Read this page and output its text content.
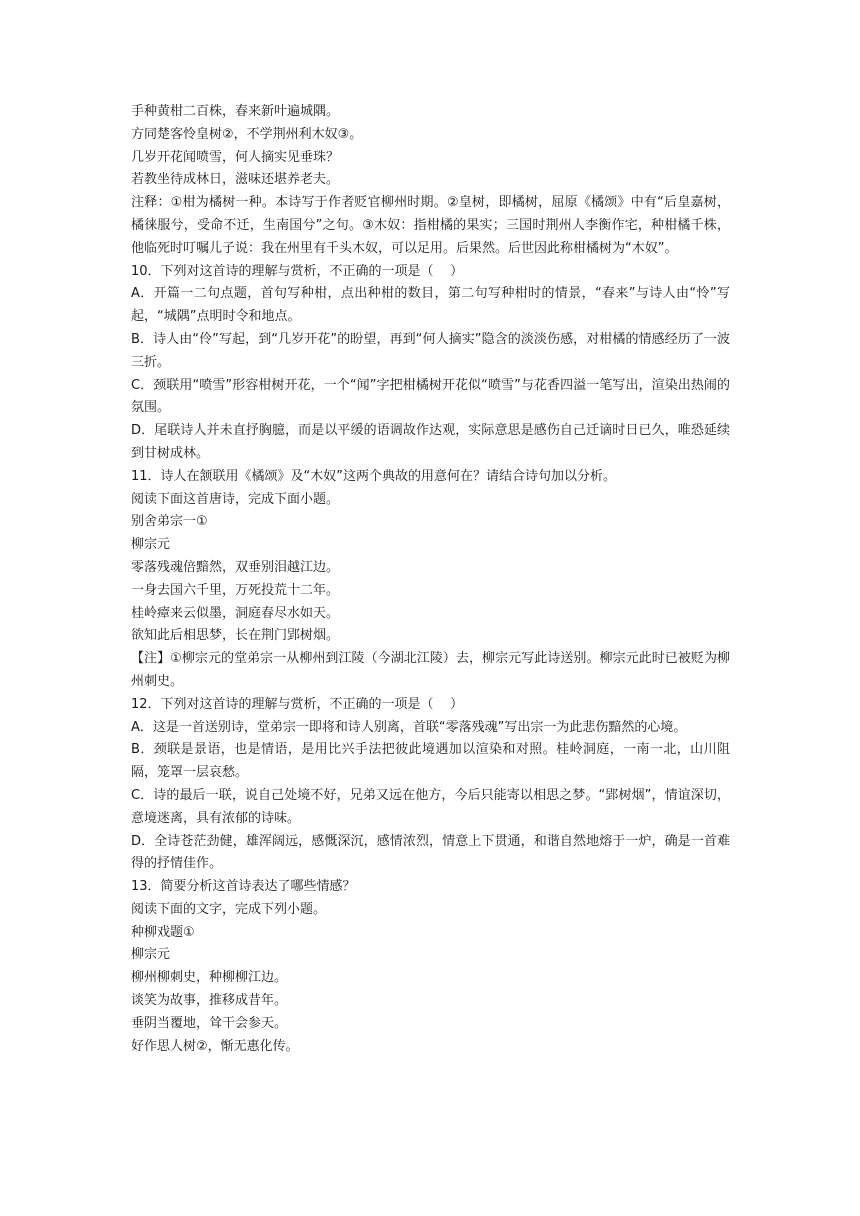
手种黄柑二百株，春来新叶遍城隅。
方同楚客怜皇树②，不学荆州利木奴③。
几岁开花闻喷雪，何人摘实见垂珠？
若教坐待成林日，滋味还堪养老夫。
注释：①柑为橘树一种。本诗写于作者贬官柳州时期。②皇树，即橘树，屈原《橘颂》中有“后皇嘉树，橘徕服兮，受命不迁，生南国兮”之句。③木奴：指柑橘的果实；三国时荆州人李衡作宅，种柑橘千株，他临死时叮嘱儿子说：我在州里有千头木奴，可以足用。后果然。后世因此称柑橘树为“木奴”。
10．下列对这首诗的理解与赏析，不正确的一项是（    ）
A．开篇一二句点题，首句写种柑，点出种柑的数目，第二句写种柑时的情景，“春来”与诗人由“怜”写起，“城隅”点明时令和地点。
B．诗人由“伶”写起，到“几岁开花”的盼望，再到“何人摘实”隐含的淡淡伤感，对柑橘的情感经历了一波三折。
C．颈联用“喷雪”形容柑树开花，一个“闻”字把柑橘树开花似“喷雪”与花香四溢一笔写出，渲染出热闹的氛围。
D．尾联诗人并未直抒胸臆，而是以平缓的语调故作达观，实际意思是感伤自己迁谪时日已久，唯恐延续到甘树成林。
11．诗人在颔联用《橘颂》及“木奴”这两个典故的用意何在？请结合诗句加以分析。
阅读下面这首唐诗，完成下面小题。
别舍弟宗一①
柳宗元
零落残魂倍黯然，双垂别泪越江边。
一身去国六千里，万死投荒十二年。
桂岭瘴来云似墨，洞庭春尽水如天。
欲知此后相思梦，长在荆门郢树烟。
【注】①柳宗元的堂弟宗一从柳州到江陵（今湖北江陵）去，柳宗元写此诗送别。柳宗元此时已被贬为柳州刺史。
12．下列对这首诗的理解与赏析，不正确的一项是（    ）
A．这是一首送别诗，堂弟宗一即将和诗人别离，首联“零落残魂”写出宗一为此悲伤黯然的心境。
B．颈联是景语，也是情语，是用比兴手法把彼此境遇加以渲染和对照。桂岭洞庭，一南一北，山川阻隔，笼罩一层哀愁。
C．诗的最后一联，说自己处境不好，兄弟又远在他方，今后只能寄以相思之梦。“郢树烟”，情谊深切，意境迷离，具有浓郁的诗味。
D．全诗苍茫劲健，雄浑阔远，感慨深沉，感情浓烈，情意上下贯通，和谐自然地熔于一炉，确是一首难得的抒情佳作。
13．简要分析这首诗表达了哪些情感？
阅读下面的文字，完成下列小题。
种柳戏题①
柳宗元
柳州柳刺史，种柳柳江边。
谈笑为故事，推移成昔年。
垂阴当覆地，耸干会参天。
好作思人树②，惭无惠化传。
